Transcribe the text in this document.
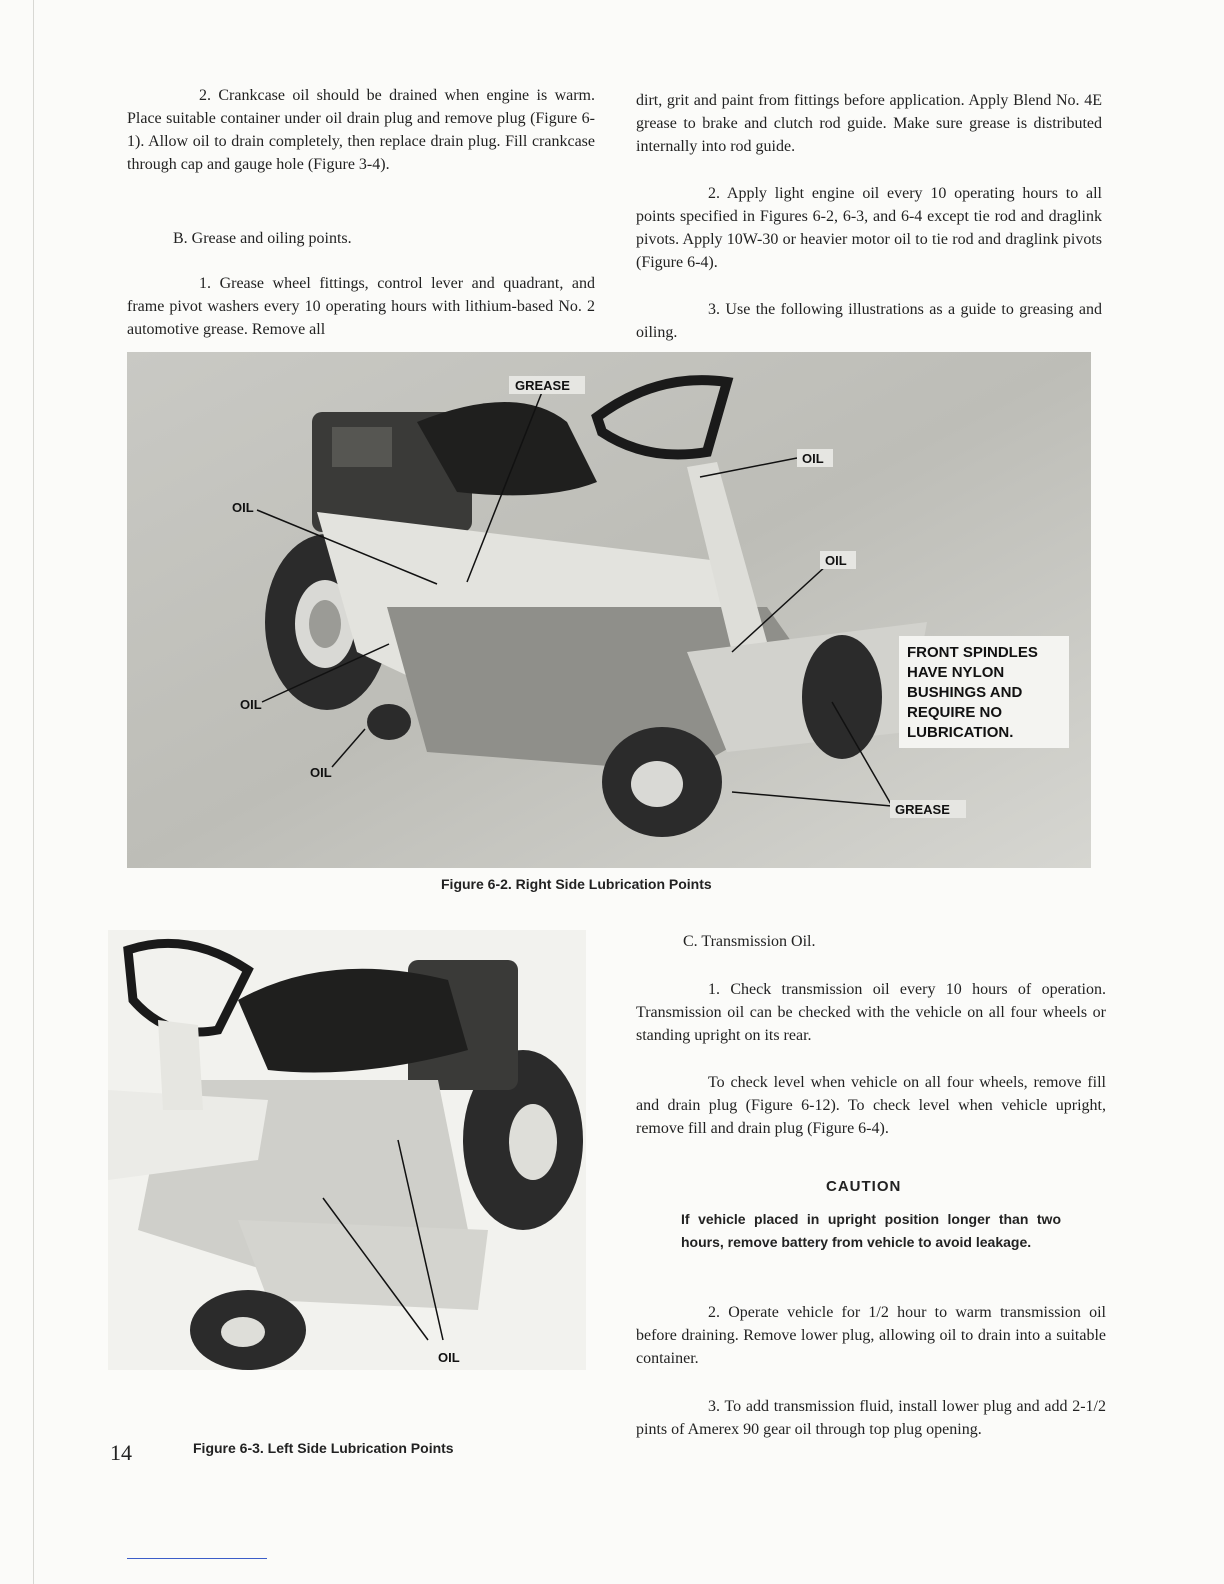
2. Crankcase oil should be drained when engine is warm. Place suitable container under oil drain plug and remove plug (Figure 6-1). Allow oil to drain completely, then replace drain plug. Fill crankcase through cap and gauge hole (Figure 3-4).

B. Grease and oiling points.

1. Grease wheel fittings, control lever and quadrant, and frame pivot washers every 10 operating hours with lithium-based No. 2 automotive grease. Remove all

dirt, grit and paint from fittings before application. Apply Blend No. 4E grease to brake and clutch rod guide. Make sure grease is distributed internally into rod guide.

2. Apply light engine oil every 10 operating hours to all points specified in Figures 6-2, 6-3, and 6-4 except tie rod and draglink pivots. Apply 10W-30 or heavier motor oil to tie rod and draglink pivots (Figure 6-4).

3. Use the following illustrations as a guide to greasing and oiling.

GREASE
OIL
OIL
OIL
OIL
OIL
GREASE
FRONT SPINDLES
HAVE NYLON
BUSHINGS AND
REQUIRE NO
LUBRICATION.
Figure 6-2. Right Side Lubrication Points
OIL
Figure 6-3. Left Side Lubrication Points
C. Transmission Oil.

1. Check transmission oil every 10 hours of operation. Transmission oil can be checked with the vehicle on all four wheels or standing upright on its rear.

To check level when vehicle on all four wheels, remove fill and drain plug (Figure 6-12). To check level when vehicle upright, remove fill and drain plug (Figure 6-4).

CAUTION
If vehicle placed in upright position longer than two hours, remove battery from vehicle to avoid leakage.

2. Operate vehicle for 1/2 hour to warm transmission oil before draining. Remove lower plug, allowing oil to drain into a suitable container.

3. To add transmission fluid, install lower plug and add 2-1/2 pints of Amerex 90 gear oil through top plug opening.

14
